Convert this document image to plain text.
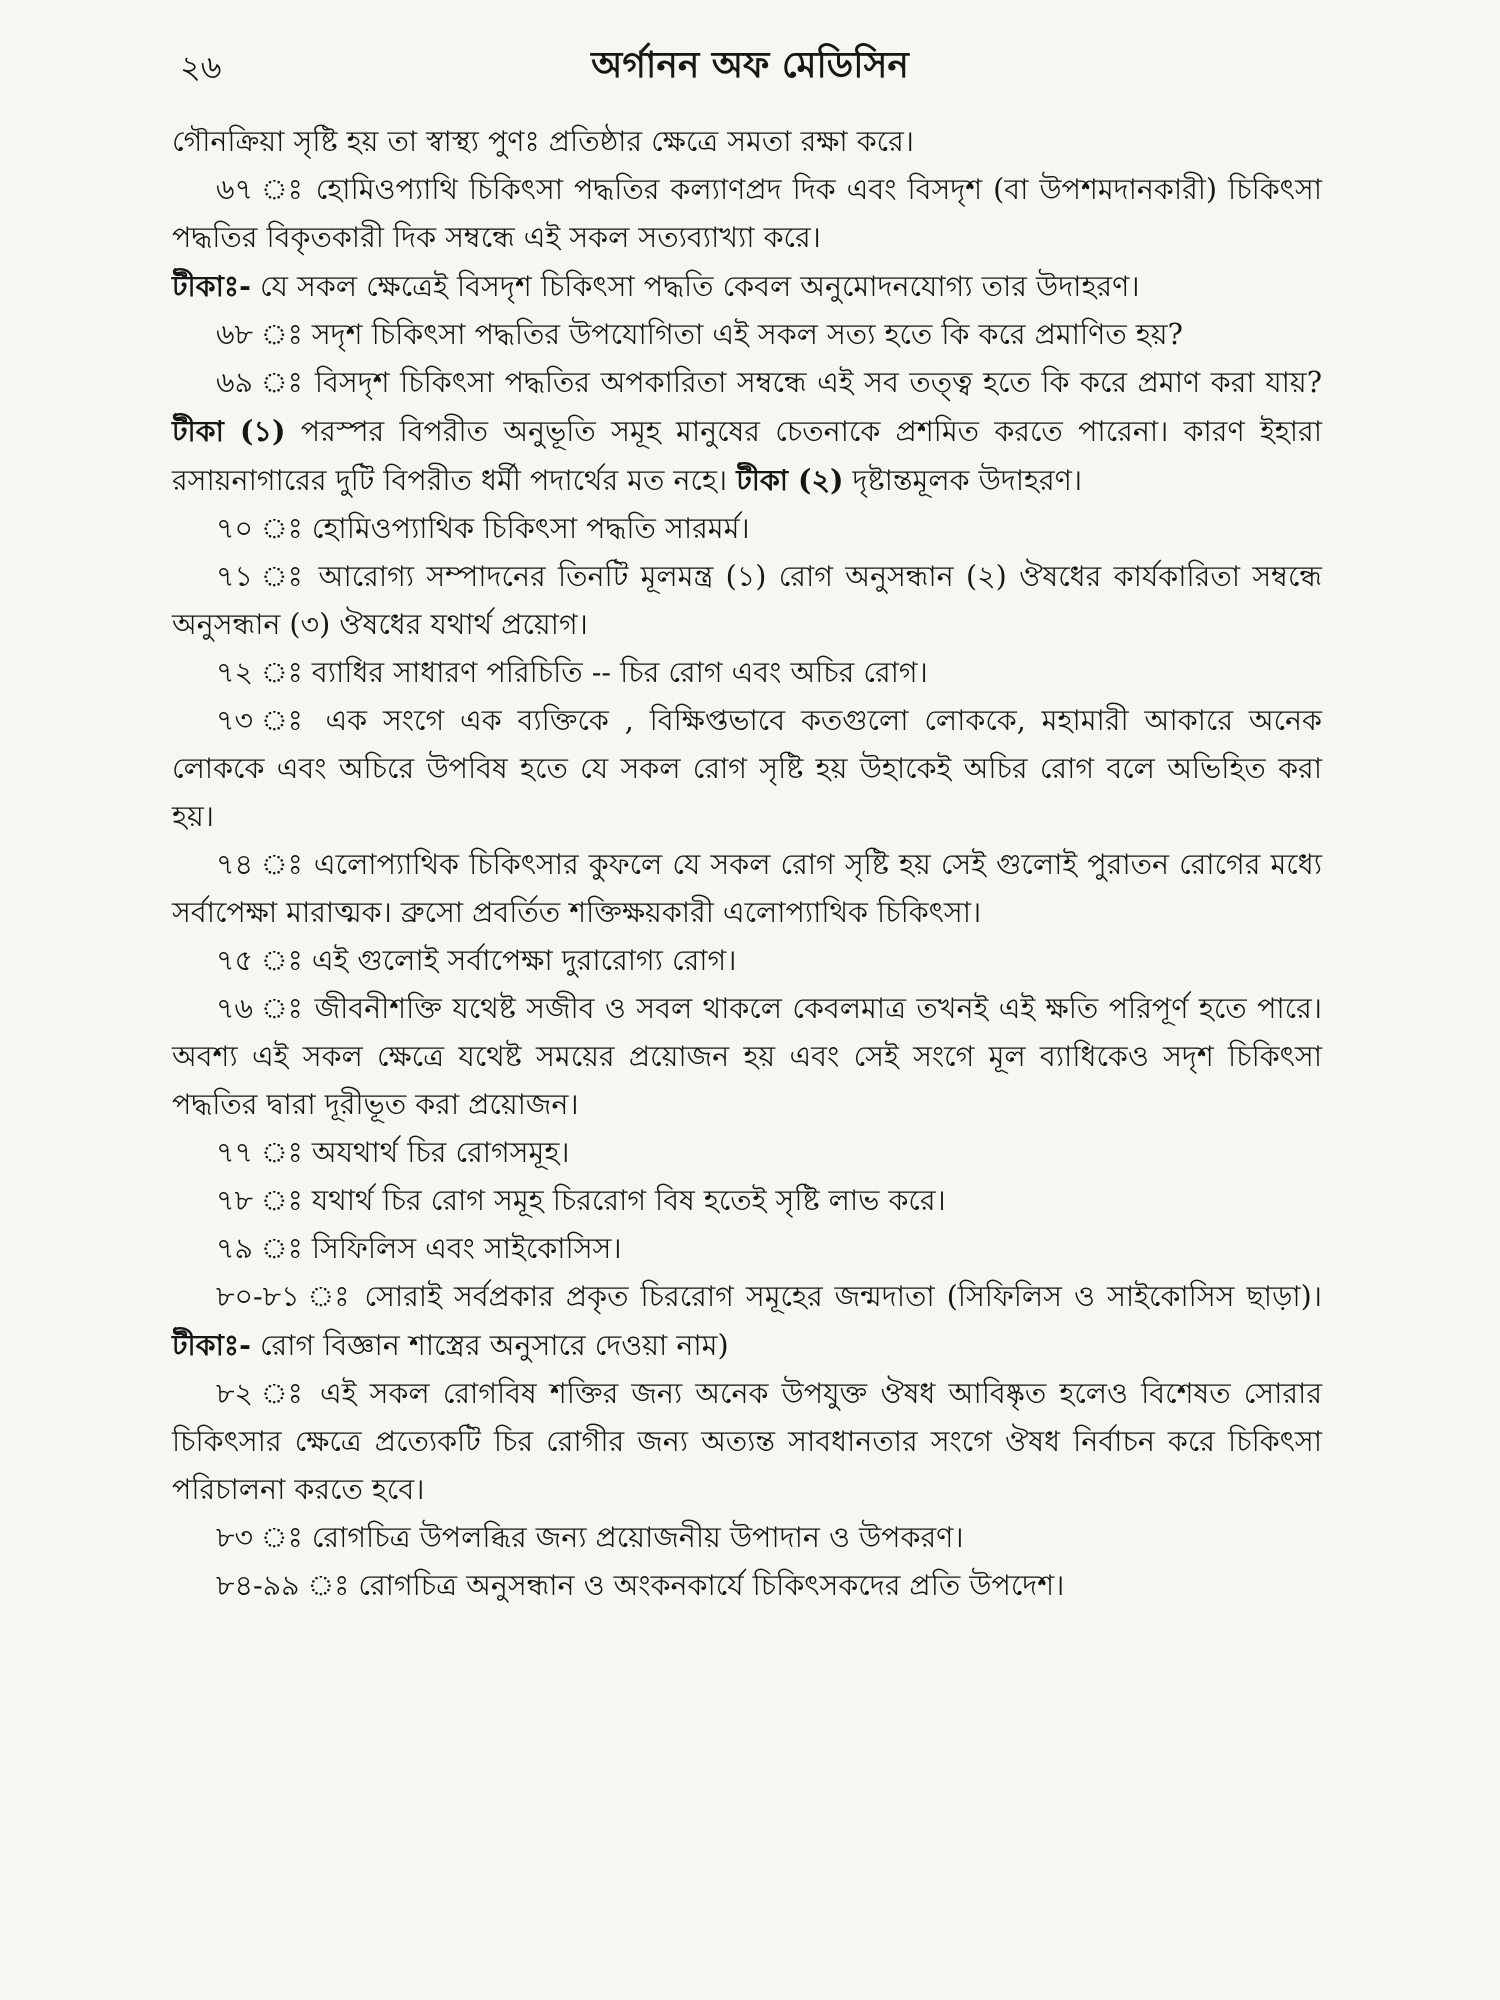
২৬	অর্গানন অফ মেডিসিন

গৌনক্রিয়া সৃষ্টি হয় তা স্বাস্থ্য পুণঃ প্রতিষ্ঠার ক্ষেত্রে সমতা রক্ষা করে।

৬৭ ঃ হোমিওপ্যাথি চিকিৎসা পদ্ধতির কল্যাণপ্রদ দিক এবং বিসদৃশ (বা উপশমদানকারী) চিকিৎসা পদ্ধতির বিকৃতকারী দিক সম্বন্ধে এই সকল সত্যব্যাখ্যা করে।

টীকাঃ- যে সকল ক্ষেত্রেই বিসদৃশ চিকিৎসা পদ্ধতি কেবল অনুমোদনযোগ্য তার উদাহরণ।

৬৮ ঃ সদৃশ চিকিৎসা পদ্ধতির উপযোগিতা এই সকল সত্য হতে কি করে প্রমাণিত হয়?

৬৯ ঃ বিসদৃশ চিকিৎসা পদ্ধতির অপকারিতা সম্বন্ধে এই সব তত্ত্ব হতে কি করে প্রমাণ করা যায়? টীকা (১) পরস্পর বিপরীত অনুভূতি সমূহ মানুষের চেতনাকে প্রশমিত করতে পারেনা। কারণ ইহারা রসায়নাগারের দুটি বিপরীত ধর্মী পদার্থের মত নহে। টীকা (২) দৃষ্টান্তমূলক উদাহরণ।

৭০ ঃ হোমিওপ্যাথিক চিকিৎসা পদ্ধতি সারমর্ম।

৭১ ঃ আরোগ্য সম্পাদনের তিনটি মূলমন্ত্র (১) রোগ অনুসন্ধান (২) ঔষধের কার্যকারিতা সম্বন্ধে অনুসন্ধান (৩) ঔষধের যথার্থ প্রয়োগ।

৭২ ঃ ব্যাধির সাধারণ পরিচিতি -- চির রোগ এবং অচির রোগ।

৭৩ ঃ এক সংগে এক ব্যক্তিকে , বিক্ষিপ্তভাবে কতগুলো লোককে, মহামারী আকারে অনেক লোককে এবং অচিরে উপবিষ হতে যে সকল রোগ সৃষ্টি হয় উহাকেই অচির রোগ বলে অভিহিত করা হয়।

৭৪ ঃ এলোপ্যাথিক চিকিৎসার কুফলে যে সকল রোগ সৃষ্টি হয় সেই গুলোই পুরাতন রোগের মধ্যে সর্বাপেক্ষা মারাত্মক। ব্রুসো প্রবর্তিত শক্তিক্ষয়কারী এলোপ্যাথিক চিকিৎসা।

৭৫ ঃ এই গুলোই সর্বাপেক্ষা দুরারোগ্য রোগ।

৭৬ ঃ জীবনীশক্তি যথেষ্ট সজীব ও সবল থাকলে কেবলমাত্র তখনই এই ক্ষতি পরিপূর্ণ হতে পারে। অবশ্য এই সকল ক্ষেত্রে যথেষ্ট সময়ের প্রয়োজন হয় এবং সেই সংগে মূল ব্যাধিকেও সদৃশ চিকিৎসা পদ্ধতির দ্বারা দূরীভূত করা প্রয়োজন।

৭৭ ঃ অযথার্থ চির রোগসমূহ।

৭৮ ঃ যথার্থ চির রোগ সমূহ চিররোগ বিষ হতেই সৃষ্টি লাভ করে।

৭৯ ঃ সিফিলিস এবং সাইকোসিস।

৮০-৮১ ঃ সোরাই সর্বপ্রকার প্রকৃত চিররোগ সমূহের জন্মদাতা (সিফিলিস ও সাইকোসিস ছাড়া)। টীকাঃ- রোগ বিজ্ঞান শাস্ত্রের অনুসারে দেওয়া নাম)

৮২ ঃ এই সকল রোগবিষ শক্তির জন্য অনেক উপযুক্ত ঔষধ আবিষ্কৃত হলেও বিশেষত সোরার চিকিৎসার ক্ষেত্রে প্রত্যেকটি চির রোগীর জন্য অত্যন্ত সাবধানতার সংগে ঔষধ নির্বাচন করে চিকিৎসা পরিচালনা করতে হবে।

৮৩ ঃ রোগচিত্র উপলব্ধির জন্য প্রয়োজনীয় উপাদান ও উপকরণ।

৮৪-৯৯ ঃ রোগচিত্র অনুসন্ধান ও অংকনকার্যে চিকিৎসকদের প্রতি উপদেশ।
